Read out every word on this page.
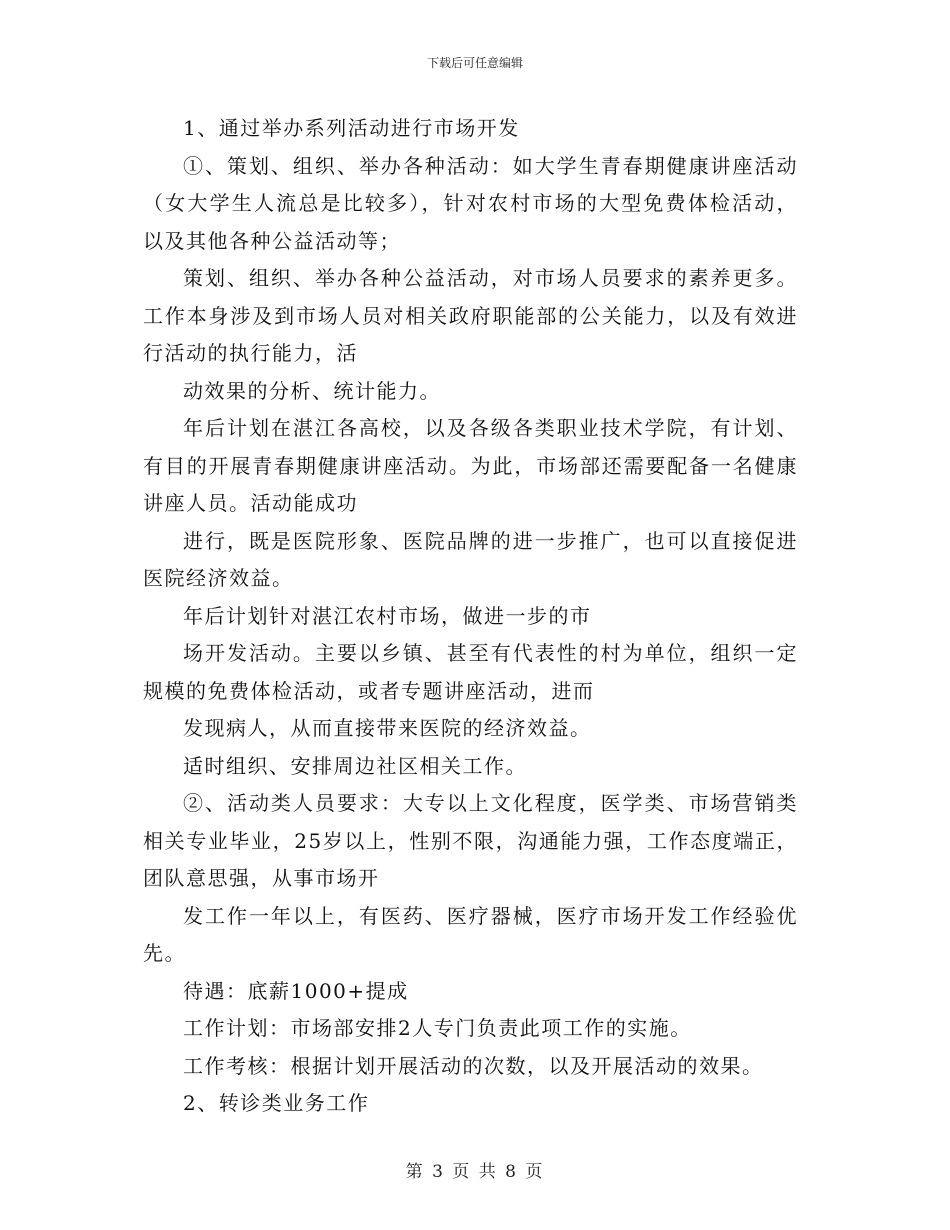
下载后可任意编辑

1、通过举办系列活动进行市场开发

①、策划、组织、举办各种活动：如大学生青春期健康讲座活动（女大学生人流总是比较多），针对农村市场的大型免费体检活动，以及其他各种公益活动等；

策划、组织、举办各种公益活动，对市场人员要求的素养更多。工作本身涉及到市场人员对相关政府职能部的公关能力，以及有效进行活动的执行能力，活

动效果的分析、统计能力。

年后计划在湛江各高校，以及各级各类职业技术学院，有计划、有目的开展青春期健康讲座活动。为此，市场部还需要配备一名健康讲座人员。活动能成功

进行，既是医院形象、医院品牌的进一步推广，也可以直接促进医院经济效益。

年后计划针对湛江农村市场，做进一步的市

场开发活动。主要以乡镇、甚至有代表性的村为单位，组织一定规模的免费体检活动，或者专题讲座活动，进而

发现病人，从而直接带来医院的经济效益。

适时组织、安排周边社区相关工作。

②、活动类人员要求：大专以上文化程度，医学类、市场营销类相关专业毕业，25岁以上，性别不限，沟通能力强，工作态度端正，团队意思强，从事市场开

发工作一年以上，有医药、医疗器械，医疗市场开发工作经验优先。

待遇：底薪1000+提成

工作计划：市场部安排2人专门负责此项工作的实施。

工作考核：根据计划开展活动的次数，以及开展活动的效果。

2、转诊类业务工作

第 3 页 共 8 页
